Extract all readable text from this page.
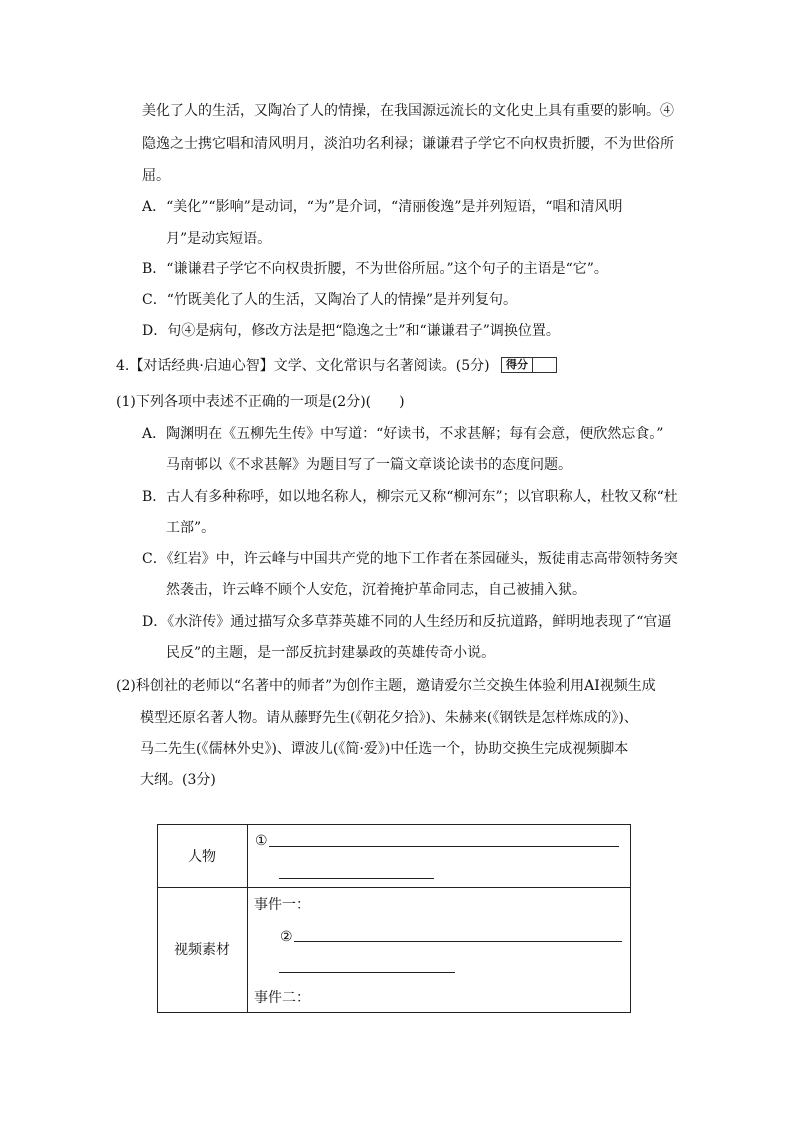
美化了人的生活，又陶冶了人的情操，在我国源远流长的文化史上具有重要的影响。④
隐逸之士携它唱和清风明月，淡泊功名利禄；谦谦君子学它不向权贵折腰，不为世俗所
屈。
A．“美化”“影响”是动词，“为”是介词，“清丽俊逸”是并列短语，“唱和清风明
月”是动宾短语。
B．“谦谦君子学它不向权贵折腰，不为世俗所屈。”这个句子的主语是“它”。
C．“竹既美化了人的生活，又陶冶了人的情操”是并列复句。
D．句④是病句，修改方法是把“隐逸之士”和“谦谦君子”调换位置。
4.【对话经典·启迪心智】文学、文化常识与名著阅读。(5分)	得分
(1)下列各项中表述不正确的一项是(2分)(　　)
A．陶渊明在《五柳先生传》中写道：“好读书，不求甚解；每有会意，便欣然忘食。”
马南邨以《不求甚解》为题目写了一篇文章谈论读书的态度问题。
B．古人有多种称呼，如以地名称人，柳宗元又称“柳河东”；以官职称人，杜牧又称“杜
工部”。
C．《红岩》中，许云峰与中国共产党的地下工作者在茶园碰头，叛徒甫志高带领特务突
然袭击，许云峰不顾个人安危，沉着掩护革命同志，自己被捕入狱。
D．《水浒传》通过描写众多草莽英雄不同的人生经历和反抗道路，鲜明地表现了“官逼
民反”的主题，是一部反抗封建暴政的英雄传奇小说。
(2)科创社的老师以“名著中的师者”为创作主题，邀请爱尔兰交换生体验利用AI视频生成
模型还原名著人物。请从藤野先生(《朝花夕拾》)、朱赫来(《钢铁是怎样炼成的》)、
马二先生(《儒林外史》)、谭波儿(《简·爱》)中任选一个，协助交换生完成视频脚本
大纲。(3分)
人物
①
视频素材
事件一：
②
事件二：
